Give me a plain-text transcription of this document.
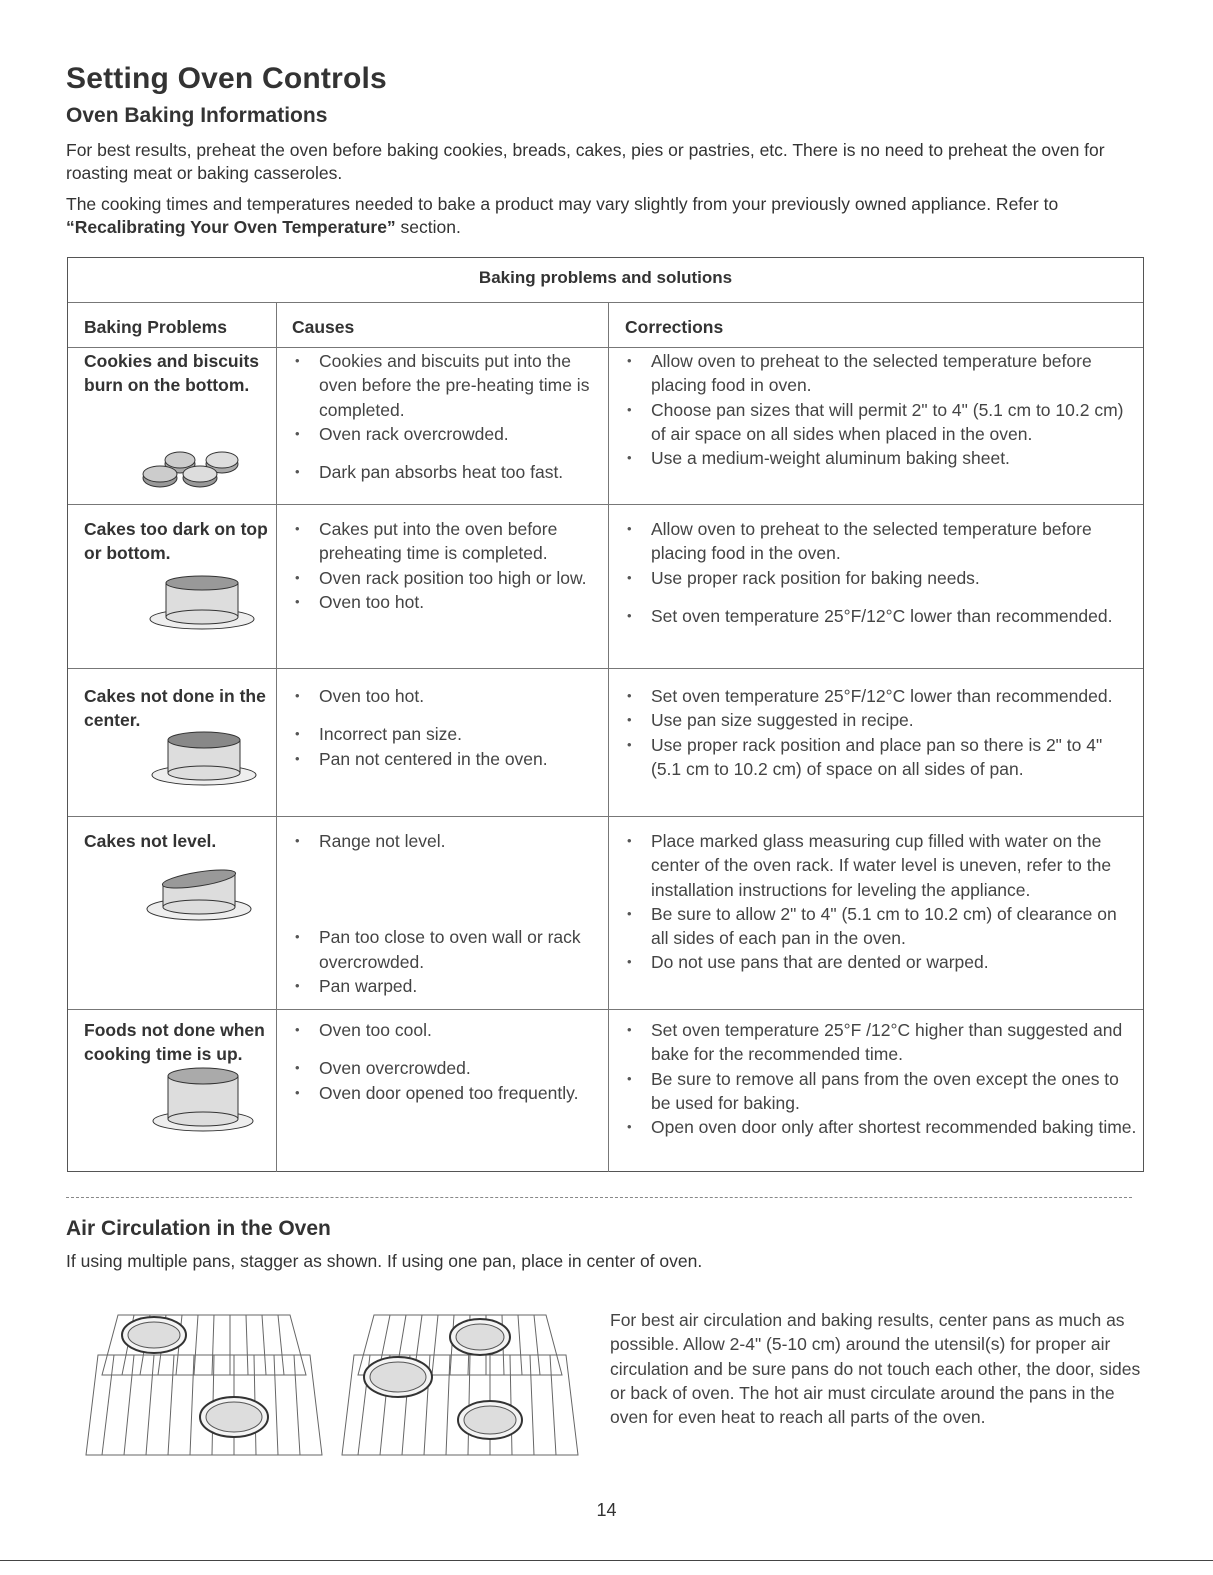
Setting Oven Controls
Oven Baking Informations
For best results, preheat the oven before baking cookies, breads, cakes, pies or pastries, etc. There is no need to preheat the oven for roasting meat or baking casseroles.
The cooking times and temperatures needed to bake a product may vary slightly from your previously owned appliance. Refer to “Recalibrating Your Oven Temperature” section.
Baking problems and solutions
Baking Problems	Causes	Corrections
Cookies and biscuits burn on the bottom.
• Cookies and biscuits put into the oven before the pre-heating time is completed.
• Oven rack overcrowded.
• Dark pan absorbs heat too fast.
• Allow oven to preheat to the selected temperature before placing food in oven.
• Choose pan sizes that will permit 2" to 4" (5.1 cm to 10.2 cm) of air space on all sides when placed in the oven.
• Use a medium-weight aluminum baking sheet.
Cakes too dark on top or bottom.
• Cakes put into the oven before preheating time is completed.
• Oven rack position too high or low.
• Oven too hot.
• Allow oven to preheat to the selected temperature before placing food in the oven.
• Use proper rack position for baking needs.
• Set oven temperature 25°F/12°C lower than recommended.
Cakes not done in the center.
• Oven too hot.
• Incorrect pan size.
• Pan not centered in the oven.
• Set oven temperature 25°F/12°C lower than recommended.
• Use pan size suggested in recipe.
• Use proper rack position and place pan so there is 2" to 4" (5.1 cm to 10.2 cm) of space on all sides of pan.
Cakes not level.
•	Range not level.
• Pan too close to oven wall or rack overcrowded.
• Pan warped.
• Place marked glass measuring cup filled with water on the center of the oven rack. If water level is uneven, refer to the installation instructions for leveling the appliance.
• Be sure to allow 2" to 4" (5.1 cm to 10.2 cm) of clearance on all sides of each pan in the oven.
• Do not use pans that are dented or warped.
Foods not done when cooking time is up.
• Oven too cool.
• Oven overcrowded.
• Oven door opened too frequently.
• Set oven temperature 25°F /12°C higher than suggested and bake for the recommended time.
• Be sure to remove all pans from the oven except the ones to be used for baking.
• Open oven door only after shortest recommended baking time.
Air Circulation in the Oven
If using multiple pans, stagger as shown. If using one pan, place in center of oven.
For best air circulation and baking results, center pans as much as possible. Allow 2-4" (5-10 cm) around the utensil(s) for proper air circulation and be sure pans do not touch each other, the door, sides or back of oven. The hot air must circulate around the pans in the oven for even heat to reach all parts of the oven.
14
